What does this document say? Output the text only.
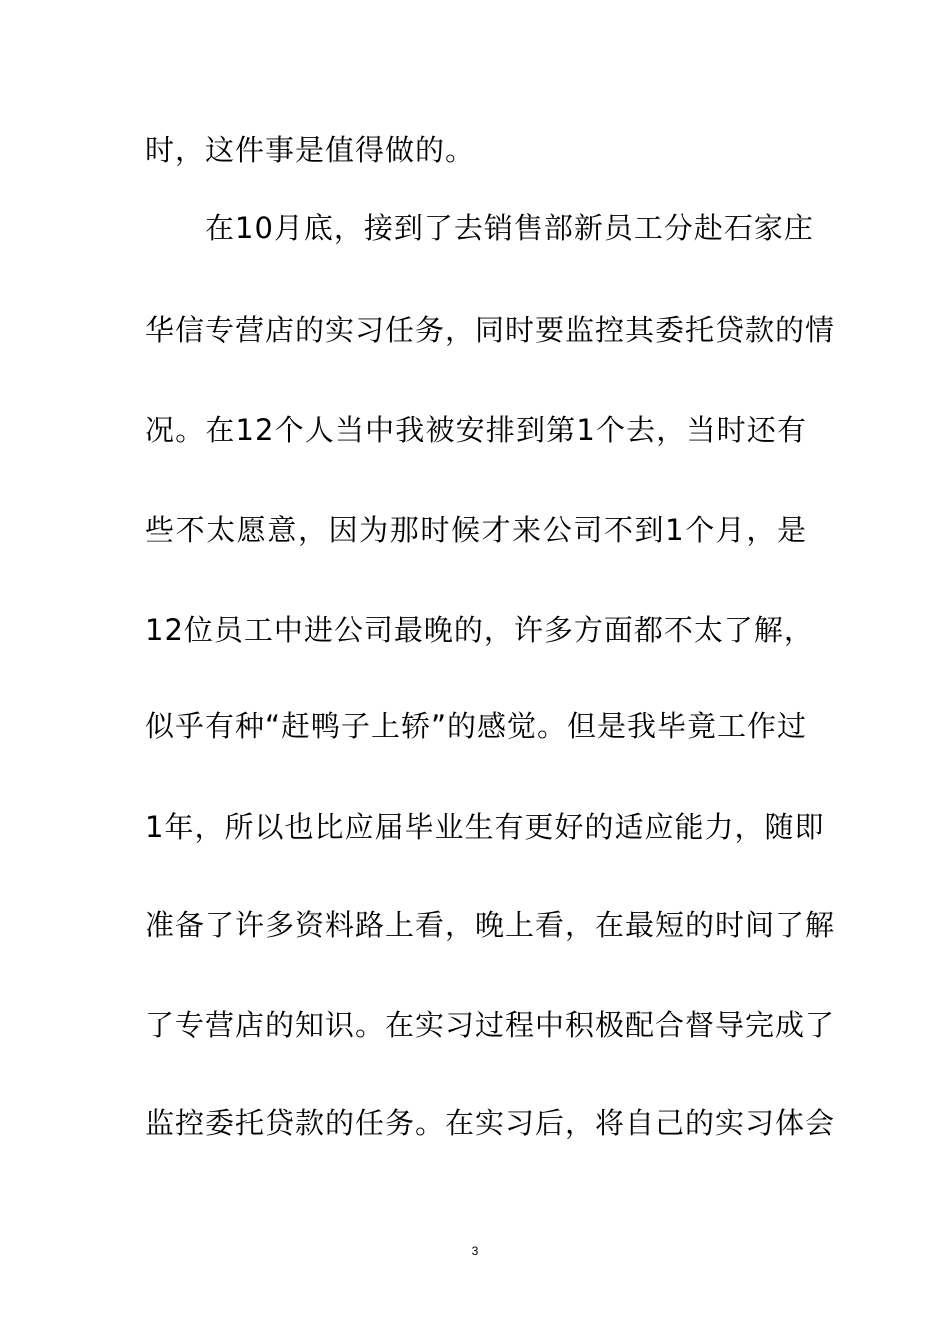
时，这件事是值得做的。
在10月底，接到了去销售部新员工分赴石家庄
华信专营店的实习任务，同时要监控其委托贷款的情
况。在12个人当中我被安排到第1个去，当时还有
些不太愿意，因为那时候才来公司不到1个月，是
12位员工中进公司最晚的，许多方面都不太了解，
似乎有种“赶鸭子上轿”的感觉。但是我毕竟工作过
1年，所以也比应届毕业生有更好的适应能力，随即
准备了许多资料路上看，晚上看，在最短的时间了解
了专营店的知识。在实习过程中积极配合督导完成了
监控委托贷款的任务。在实习后，将自己的实习体会
3
